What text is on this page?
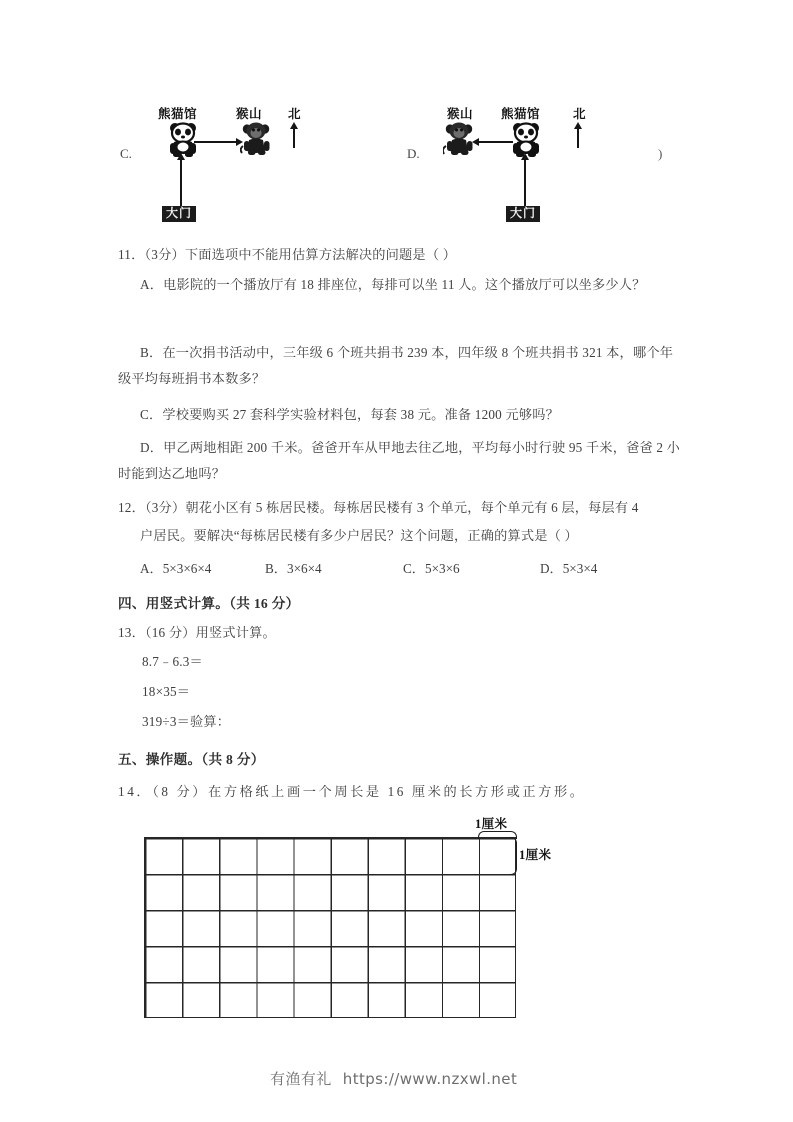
C.
熊猫馆	猴山 北
大门
D.
猴山 熊猫馆	北
大门
)
11．（3分）下面选项中不能用估算方法解决的问题是（ ）
A．电影院的一个播放厅有 18 排座位，每排可以坐 11 人。这个播放厅可以坐多少人？
B．在一次捐书活动中，三年级 6 个班共捐书 239 本，四年级 8 个班共捐书 321 本，哪个年级平均每班捐书本数多？
C．学校要购买 27 套科学实验材料包，每套 38 元。准备 1200 元够吗？
D．甲乙两地相距 200 千米。爸爸开车从甲地去往乙地，平均每小时行驶 95 千米，爸爸 2 小时能到达乙地吗？
12．（3分）朝花小区有 5 栋居民楼。每栋居民楼有 3 个单元，每个单元有 6 层，每层有 4
户居民。要解决“每栋居民楼有多少户居民？这个问题，正确的算式是（ ）
A．5×3×6×4	B．3×6×4	C．5×3×6	D．5×3×4
四、用竖式计算。（共 16 分）
13．（16 分）用竖式计算。
8.7﹣6.3＝
18×35＝
319÷3＝验算：
五、操作题。（共 8 分）
14．（8 分）在方格纸上画一个周长是 16 厘米的长方形或正方形。
1厘米
1厘米
有渔有礼 https://www.nzxwl.net
